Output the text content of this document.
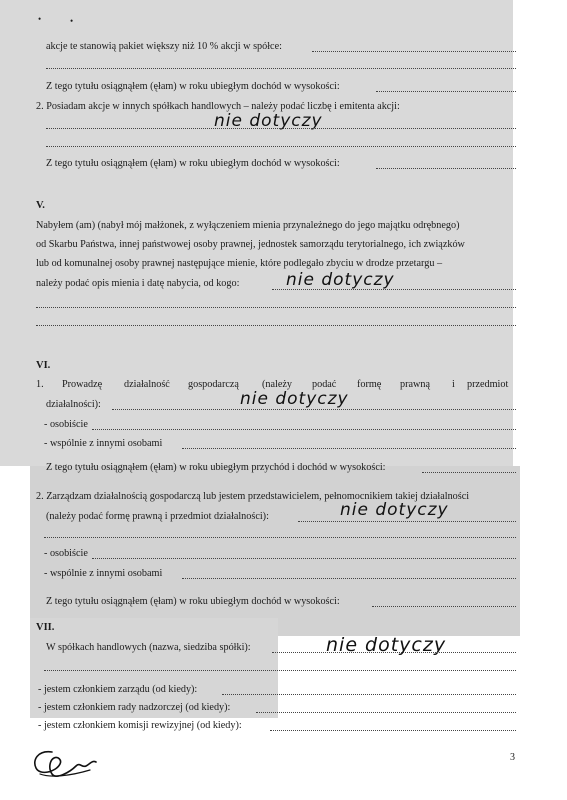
•	•
akcje te stanowią pakiet większy niż 10 % akcji w spółce:
Z tego tytułu osiągnąłem (ęłam) w roku ubiegłym dochód w wysokości:
2. Posiadam akcje w innych spółkach handlowych – należy podać liczbę i emitenta akcji:
nie dotyczy
Z tego tytułu osiągnąłem (ęłam) w roku ubiegłym dochód w wysokości:
V.
Nabyłem (am) (nabył mój małżonek, z wyłączeniem mienia przynależnego do jego majątku odrębnego)
od Skarbu Państwa, innej państwowej osoby prawnej, jednostek samorządu terytorialnego, ich związków
lub od komunalnej osoby prawnej następujące mienie, które podlegało zbyciu w drodze przetargu –
należy podać opis mienia i datę nabycia, od kogo:	nie dotyczy
VI.
1. Prowadzę działalność gospodarczą (należy podać formę prawną i przedmiot
działalności):	nie dotyczy
- osobiście
- wspólnie z innymi osobami
Z tego tytułu osiągnąłem (ęłam) w roku ubiegłym przychód i dochód w wysokości:
2. Zarządzam działalnością gospodarczą lub jestem przedstawicielem, pełnomocnikiem takiej działalności
(należy podać formę prawną i przedmiot działalności):	nie dotyczy
- osobiście
- wspólnie z innymi osobami
Z tego tytułu osiągnąłem (ęłam) w roku ubiegłym dochód w wysokości:
VII.
W spółkach handlowych (nazwa, siedziba spółki):	nie dotyczy
- jestem członkiem zarządu (od kiedy):
- jestem członkiem rady nadzorczej (od kiedy):
- jestem członkiem komisji rewizyjnej (od kiedy):
3
